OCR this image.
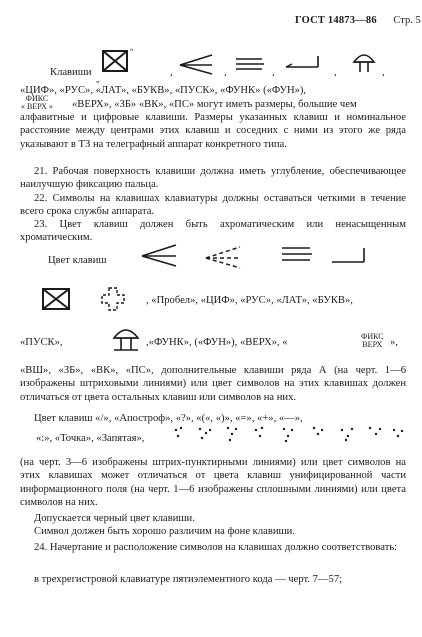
ГОСТ 14873—86 Стр. 5
Клавиши
„
“
,	,	,	,	,
«ЦИФ», «РУС», «ЛАТ», «БУКВ», «ПУСК», «ФУНК» («ФУН»),
ФИКС
« ВЕРХ » «ВЕРХ», «ЗБ» «ВК», «ПС» могут иметь размеры, большие чем
алфавитные и цифровые клавиши. Размеры указанных клавиш и номинальное расстояние между центрами этих клавиш и соседних с ними из этого же ряда указывают в ТЗ на телеграфный аппарат конкретного типа.
21. Рабочая поверхность клавиши должна иметь углубление, обеспечивающее наилучшую фиксацию пальца.
22. Символы на клавишах клавиатуры должны оставаться четкими в течение всего срока службы аппарата.
23. Цвет клавиш должен быть ахроматическим или ненасыщенным хроматическим.
Цвет клавиш
, «Пробел», «ЦИФ», «РУС», «ЛАТ», «БУКВ»,
«ПУСК»,	,«ФУНК», («ФУН»), «ВЕРХ», «
ФИКС
ВЕРХ »,
«ВШ», «ЗБ», «ВК», «ПС», дополнительные клавиши ряда А (на черт. 1—6 изображены штриховыми линиями) или цвет символов на этих клавишах должен отличаться от цвета остальных клавиш или символов на них.
Цвет клавиш «/», «Апостроф», «?», «(«, «)», «=», «+», «—»,
«:», «Точка», «Запятая»,
(на черт. 3—6 изображены штрих-пунктирными линиями) или цвет символов на этих клавишах может отличаться от цвета клавиш унифицированной части информационного поля (на черт. 1—6 изображены сплошными линиями) или цвета символов на них.
Допускается черный цвет клавиши.
Символ должен быть хорошо различим на фоне клавиши.
24. Начертание и расположение символов на клавишах должно соответствовать:
в трехрегистровой клавиатуре пятиэлементного кода — черт. 7—57;
